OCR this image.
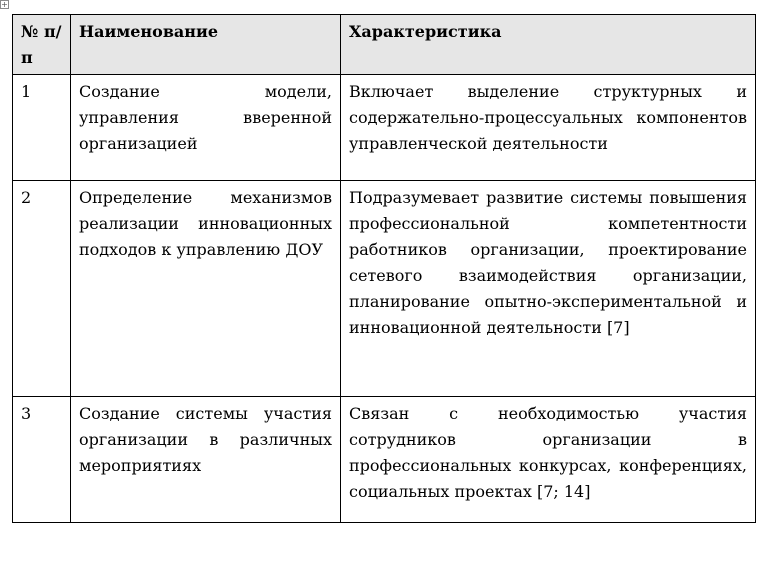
+
№ п/п	Наименование	Характеристика
1	Создание модели, управления вверенной организацией	Включает выделение структурных и содержательно-процессуальных компонентов управленческой деятельности
2	Определение механизмов реализации инновационных подходов к управлению ДОУ	Подразумевает развитие системы повышения профессиональной компетентности работников организации, проектирование сетевого взаимодействия организации, планирование опытно-экспериментальной и инновационной деятельности [7]
3	Создание системы участия организации в различных мероприятиях	Связан с необходимостью участия сотрудников организации в профессиональных конкурсах, конференциях, социальных проектах [7; 14]
